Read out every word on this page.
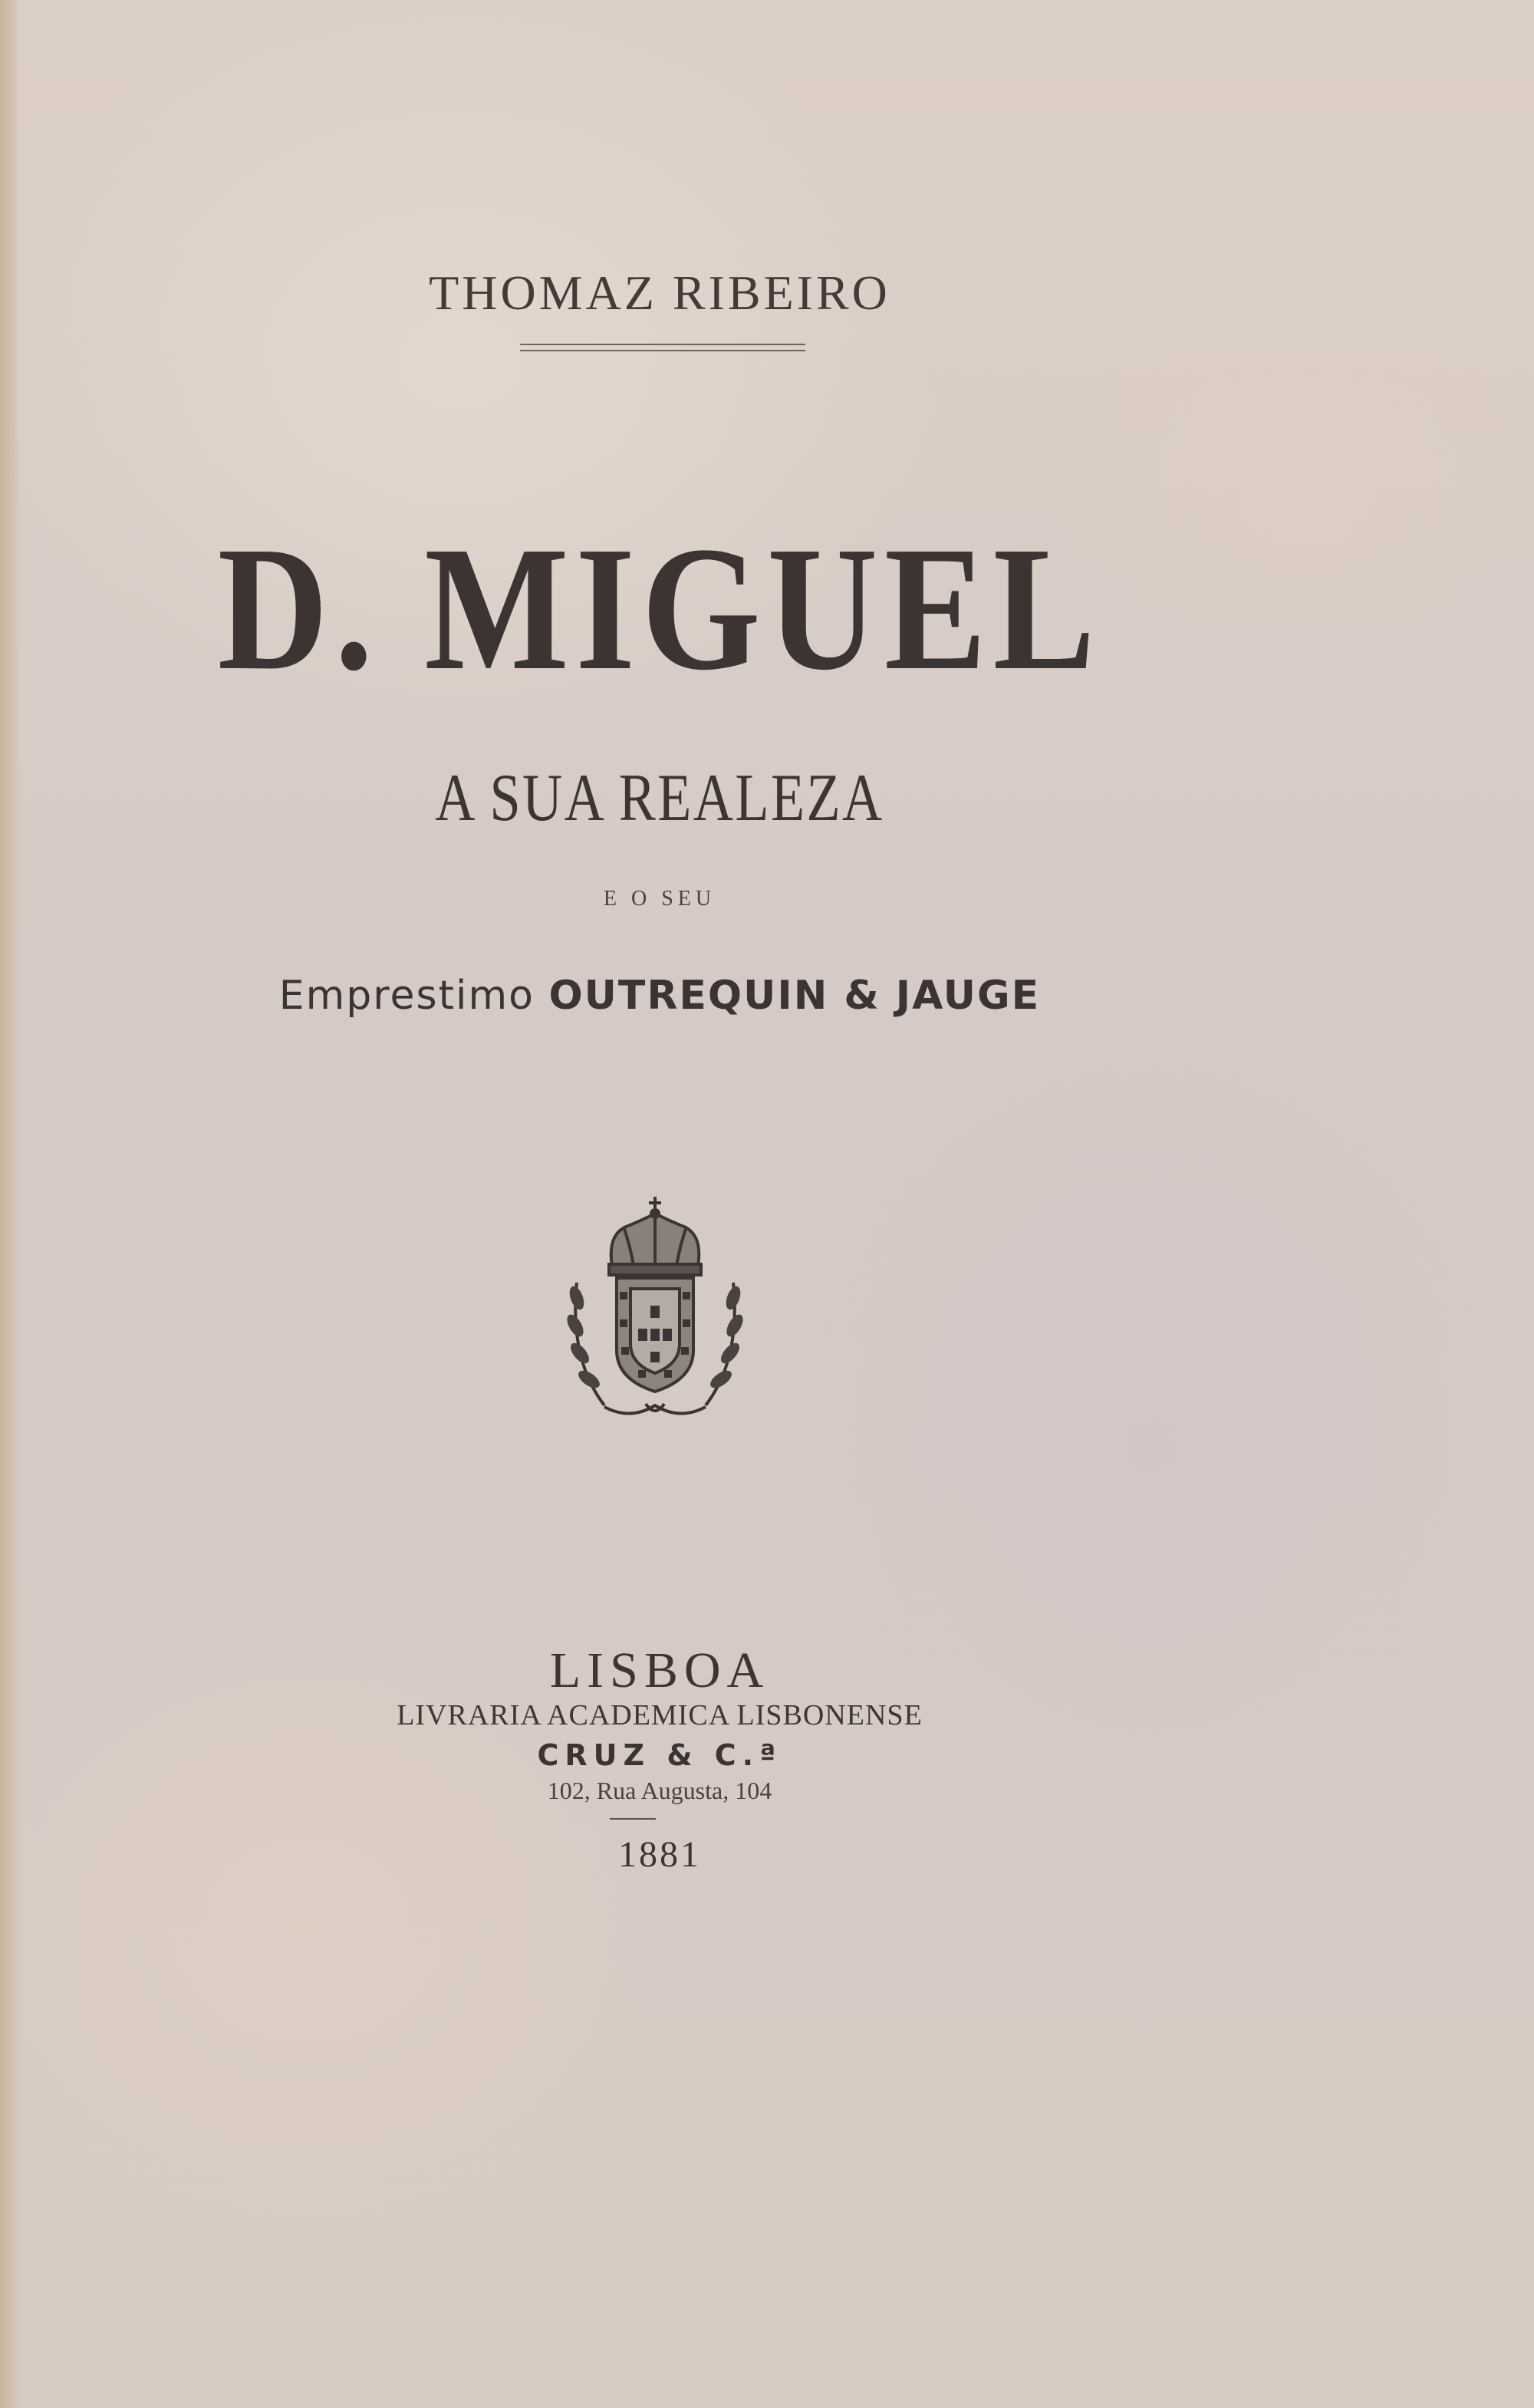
THOMAZ RIBEIRO
D. MIGUEL
A SUA REALEZA
E O SEU
Emprestimo OUTREQUIN & JAUGE
LISBOA
LIVRARIA ACADEMICA LISBONENSE
CRUZ & C.ª
102, Rua Augusta, 104
1881
